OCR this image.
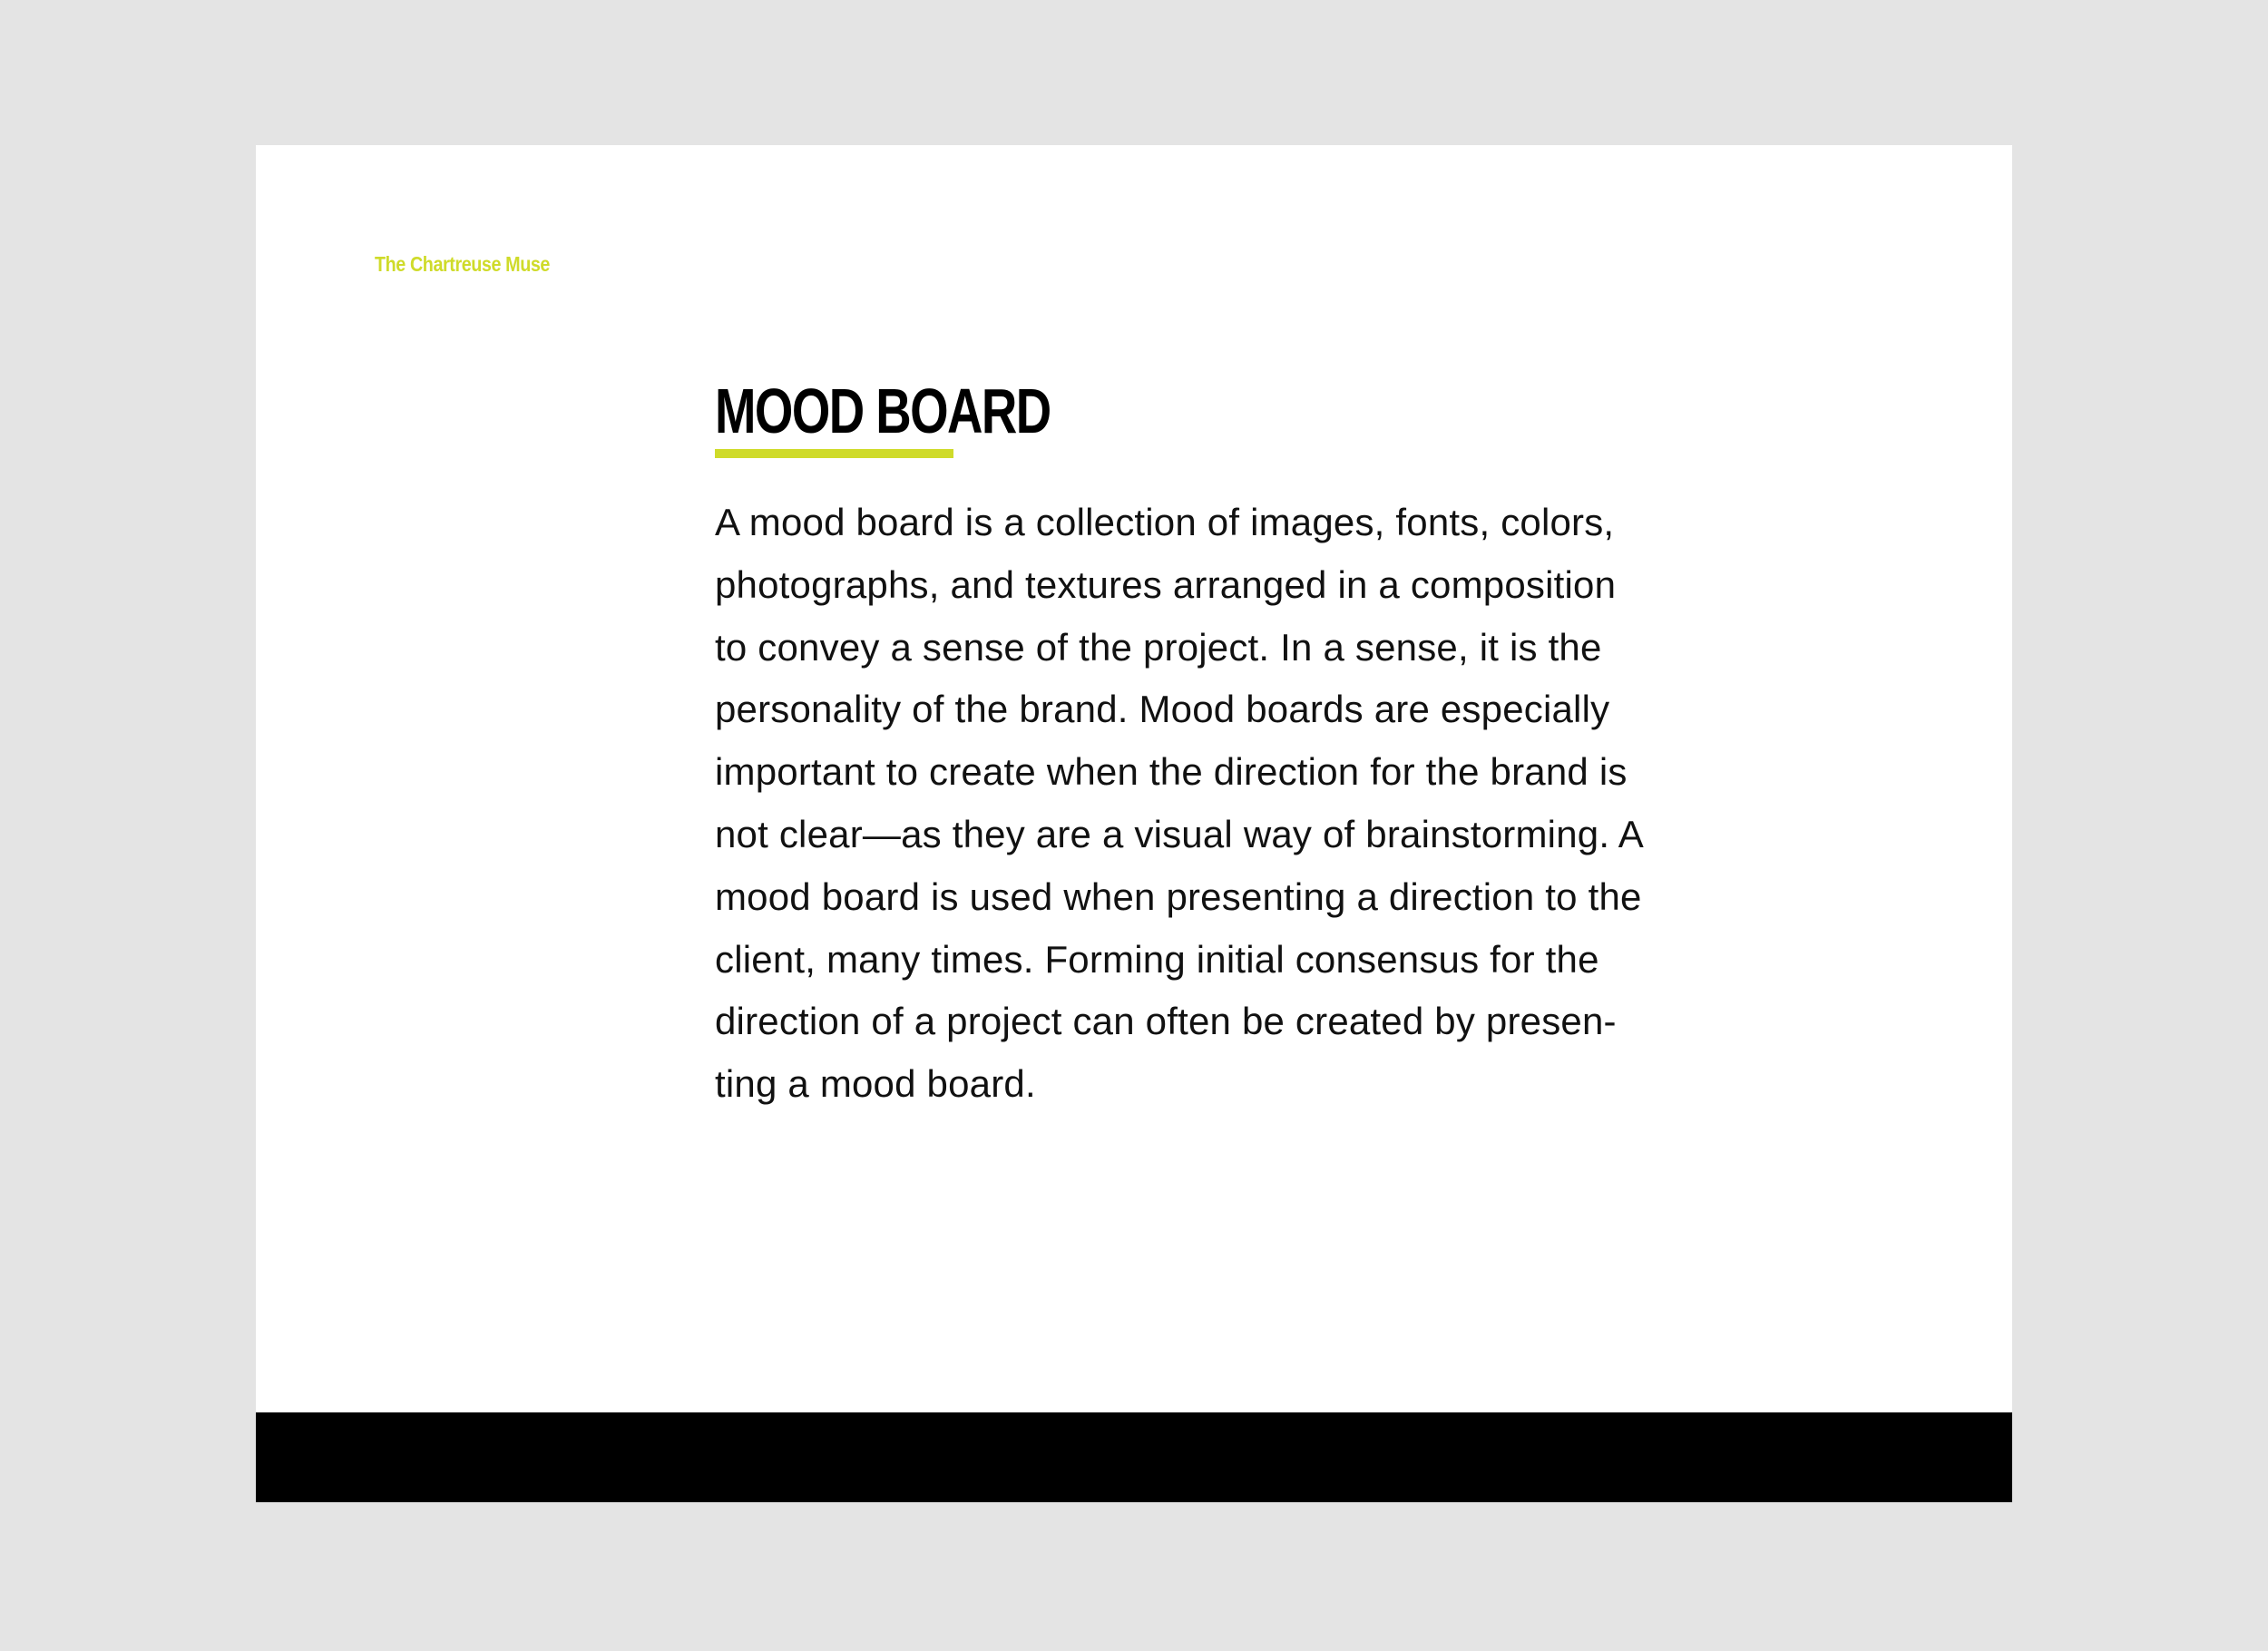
The Chartreuse Muse
MOOD BOARD

A mood board is a collection of images, fonts, colors,
photographs, and textures arranged in a composition
to convey a sense of the project. In a sense, it is the
personality of the brand. Mood boards are especially
important to create when the direction for the brand is
not clear—as they are a visual way of brainstorming. A
mood board is used when presenting a direction to the
client, many times. Forming initial consensus for the
direction of a project can often be created by presen-
ting a mood board.
